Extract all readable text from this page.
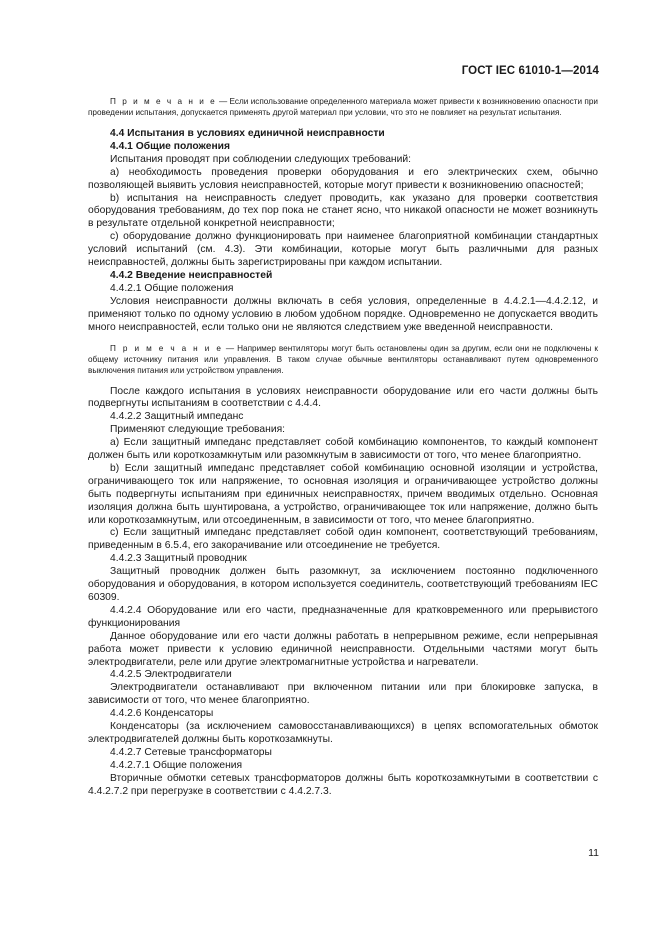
ГОСТ IEC 61010-1—2014

П р и м е ч а н и е — Если использование определенного материала может привести к возникновению опасности при проведении испытания, допускается применять другой материал при условии, что это не повлияет на результат испытания.

4.4 Испытания в условиях единичной неисправности

4.4.1 Общие положения

Испытания проводят при соблюдении следующих требований:

а) необходимость проведения проверки оборудования и его электрических схем, обычно позволяющей выявить условия неисправностей, которые могут привести к возникновению опасностей;

b) испытания на неисправность следует проводить, как указано для проверки соответствия оборудования требованиям, до тех пор пока не станет ясно, что никакой опасности не может возникнуть в результате отдельной конкретной неисправности;

с) оборудование должно функционировать при наименее благоприятной комбинации стандартных условий испытаний (см. 4.3). Эти комбинации, которые могут быть различными для разных неисправностей, должны быть зарегистрированы при каждом испытании.

4.4.2 Введение неисправностей

4.4.2.1 Общие положения

Условия неисправности должны включать в себя условия, определенные в 4.4.2.1—4.4.2.12, и применяют только по одному условию в любом удобном порядке. Одновременно не допускается вводить много неисправностей, если только они не являются следствием уже введенной неисправности.

П р и м е ч а н и е — Например вентиляторы могут быть остановлены один за другим, если они не подключены к общему источнику питания или управления. В таком случае обычные вентиляторы останавливают путем одновременного выключения питания или устройством управления.

После каждого испытания в условиях неисправности оборудование или его части должны быть подвергнуты испытаниям в соответствии с 4.4.4.

4.4.2.2 Защитный импеданс

Применяют следующие требования:

а) Если защитный импеданс представляет собой комбинацию компонентов, то каждый компонент должен быть или короткозамкнутым или разомкнутым в зависимости от того, что менее благоприятно.

b) Если защитный импеданс представляет собой комбинацию основной изоляции и устройства, ограничивающего ток или напряжение, то основная изоляция и ограничивающее устройство должны быть подвергнуты испытаниям при единичных неисправностях, причем вводимых отдельно. Основная изоляция должна быть шунтирована, а устройство, ограничивающее ток или напряжение, должно быть или короткозамкнутым, или отсоединенным, в зависимости от того, что менее благоприятно.

с) Если защитный импеданс представляет собой один компонент, соответствующий требованиям, приведенным в 6.5.4, его закорачивание или отсоединение не требуется.

4.4.2.3 Защитный проводник

Защитный проводник должен быть разомкнут, за исключением постоянно подключенного оборудования и оборудования, в котором используется соединитель, соответствующий требованиям IEC 60309.

4.4.2.4 Оборудование или его части, предназначенные для кратковременного или прерывистого функционирования

Данное оборудование или его части должны работать в непрерывном режиме, если непрерывная работа может привести к условию единичной неисправности. Отдельными частями могут быть электродвигатели, реле или другие электромагнитные устройства и нагреватели.

4.4.2.5 Электродвигатели

Электродвигатели останавливают при включенном питании или при блокировке запуска, в зависимости от того, что менее благоприятно.

4.4.2.6 Конденсаторы

Конденсаторы (за исключением самовосстанавливающихся) в цепях вспомогательных обмоток электродвигателей должны быть короткозамкнуты.

4.4.2.7 Сетевые трансформаторы

4.4.2.7.1 Общие положения

Вторичные обмотки сетевых трансформаторов должны быть короткозамкнутыми в соответствии с 4.4.2.7.2 при перегрузке в соответствии с 4.4.2.7.3.

11
